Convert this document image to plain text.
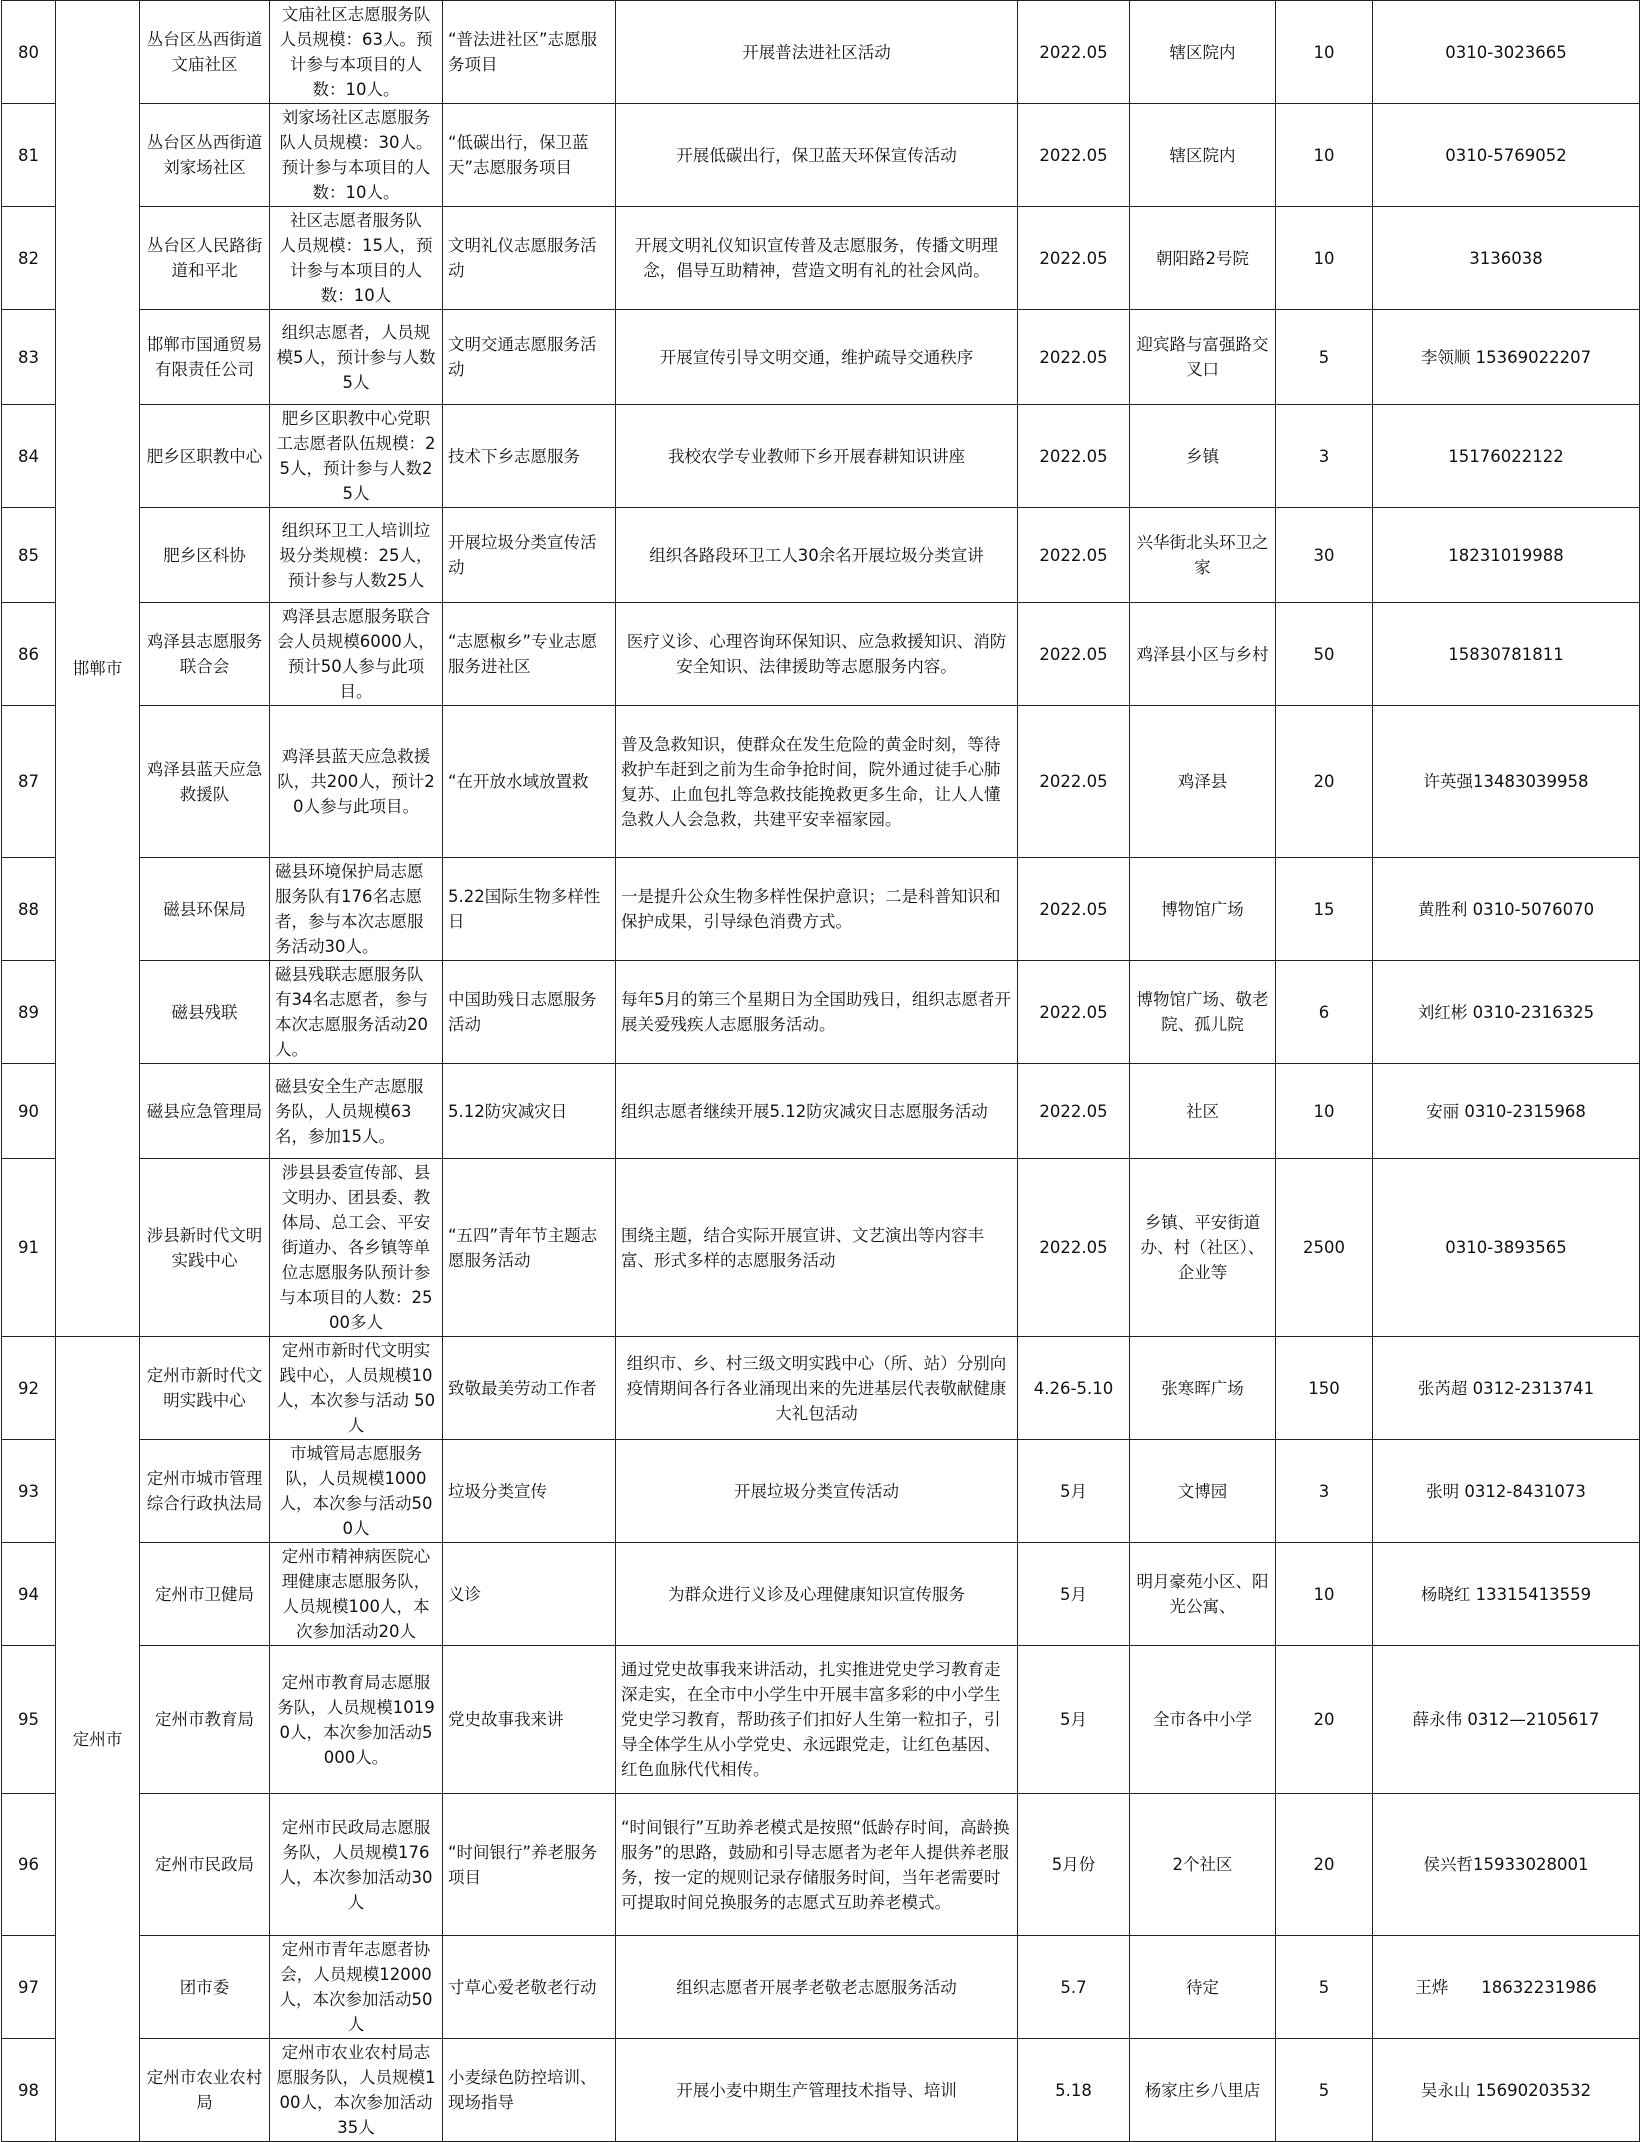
80	邯郸市	丛台区丛西街道文庙社区	文庙社区志愿服务队人员规模：63人。预计参与本项目的人数：10人。	“普法进社区”志愿服务项目	开展普法进社区活动	2022.05	辖区院内	10	0310-3023665
81		丛台区丛西街道刘家场社区	刘家场社区志愿服务队人员规模：30人。预计参与本项目的人数：10人。	“低碳出行，保卫蓝天”志愿服务项目	开展低碳出行，保卫蓝天环保宣传活动	2022.05	辖区院内	10	0310-5769052
82		丛台区人民路街道和平北	社区志愿者服务队　人员规模：15人，预计参与本项目的人数：10人	文明礼仪志愿服务活动	开展文明礼仪知识宣传普及志愿服务，传播文明理念，倡导互助精神，营造文明有礼的社会风尚。	2022.05	朝阳路2号院	10	3136038
83		邯郸市国通贸易有限责任公司	组织志愿者，人员规模5人，预计参与人数5人	文明交通志愿服务活动	开展宣传引导文明交通，维护疏导交通秩序	2022.05	迎宾路与富强路交叉口	5	李领顺 15369022207
84		肥乡区职教中心	肥乡区职教中心党职工志愿者队伍规模：25人，预计参与人数25人	技术下乡志愿服务	我校农学专业教师下乡开展春耕知识讲座	2022.05	乡镇	3	15176022122
85		肥乡区科协	组织环卫工人培训垃圾分类规模：25人，预计参与人数25人	开展垃圾分类宣传活动	组织各路段环卫工人30余名开展垃圾分类宣讲	2022.05	兴华街北头环卫之家	30	18231019988
86		鸡泽县志愿服务联合会	鸡泽县志愿服务联合会人员规模6000人，预计50人参与此项目。	“志愿椒乡”专业志愿服务进社区	医疗义诊、心理咨询环保知识、应急救援知识、消防安全知识、法律援助等志愿服务内容。	2022.05	鸡泽县小区与乡村	50	15830781811
87		鸡泽县蓝天应急救援队	鸡泽县蓝天应急救援队，共200人，预计20人参与此项目。	“在开放水域放置救	普及急救知识，使群众在发生危险的黄金时刻，等待救护车赶到之前为生命争抢时间，院外通过徒手心肺复苏、止血包扎等急救技能挽救更多生命，让人人懂急救人人会急救，共建平安幸福家园。	2022.05	鸡泽县	20	许英强13483039958
88		磁县环保局	磁县环境保护局志愿服务队有176名志愿者，参与本次志愿服务活动30人。	5.22国际生物多样性日	一是提升公众生物多样性保护意识；二是科普知识和保护成果，引导绿色消费方式。	2022.05	博物馆广场	15	黄胜利 0310-5076070
89		磁县残联	磁县残联志愿服务队有34名志愿者，参与本次志愿服务活动20人。	中国助残日志愿服务活动	每年5月的第三个星期日为全国助残日，组织志愿者开展关爱残疾人志愿服务活动。	2022.05	博物馆广场、敬老院、孤儿院	6	刘红彬 0310-2316325
90		磁县应急管理局	磁县安全生产志愿服务队，人员规模63名，参加15人。	5.12防灾减灾日	组织志愿者继续开展5.12防灾减灾日志愿服务活动	2022.05	社区	10	安丽 0310-2315968
91		涉县新时代文明实践中心	涉县县委宣传部、县文明办、团县委、教体局、总工会、平安街道办、各乡镇等单位志愿服务队预计参与本项目的人数：2500多人	“五四”青年节主题志愿服务活动	围绕主题，结合实际开展宣讲、文艺演出等内容丰富、形式多样的志愿服务活动	2022.05	乡镇、平安街道办、村（社区）、企业等	2500	0310-3893565
92	定州市	定州市新时代文明实践中心	定州市新时代文明实践中心，人员规模10人，本次参与活动 50人	致敬最美劳动工作者	组织市、乡、村三级文明实践中心（所、站）分别向疫情期间各行各业涌现出来的先进基层代表敬献健康大礼包活动	4.26-5.10	张寒晖广场	150	张芮超 0312-2313741
93		定州市城市管理综合行政执法局	市城管局志愿服务队，人员规模1000人，本次参与活动500人	垃圾分类宣传	开展垃圾分类宣传活动	5月	文博园	3	张明 0312-8431073
94		定州市卫健局	定州市精神病医院心理健康志愿服务队，人员规模100人，本次参加活动20人	义诊	为群众进行义诊及心理健康知识宣传服务	5月	明月豪苑小区、阳光公寓、	10	杨晓红 13315413559
95		定州市教育局	定州市教育局志愿服务队，人员规模10190人，本次参加活动5000人。	党史故事我来讲	通过党史故事我来讲活动，扎实推进党史学习教育走深走实，在全市中小学生中开展丰富多彩的中小学生党史学习教育，帮助孩子们扣好人生第一粒扣子，引导全体学生从小学党史、永远跟党走，让红色基因、红色血脉代代相传。	5月	全市各中小学	20	薛永伟 0312—2105617
96		定州市民政局	定州市民政局志愿服务队，人员规模176人，本次参加活动30人	“时间银行”养老服务项目	“时间银行”互助养老模式是按照“低龄存时间，高龄换服务”的思路，鼓励和引导志愿者为老年人提供养老服务，按一定的规则记录存储服务时间，当年老需要时可提取时间兑换服务的志愿式互助养老模式。	5月份	2个社区	20	侯兴哲15933028001
97		团市委	定州市青年志愿者协会，人员规模12000人，本次参加活动50人	寸草心爱老敬老行动	组织志愿者开展孝老敬老志愿服务活动	5.7	待定	5	王烨　　18632231986
98		定州市农业农村局	定州市农业农村局志愿服务队，人员规模100人，本次参加活动35人	小麦绿色防控培训、现场指导	开展小麦中期生产管理技术指导、培训	5.18	杨家庄乡八里店	5	吴永山 15690203532
